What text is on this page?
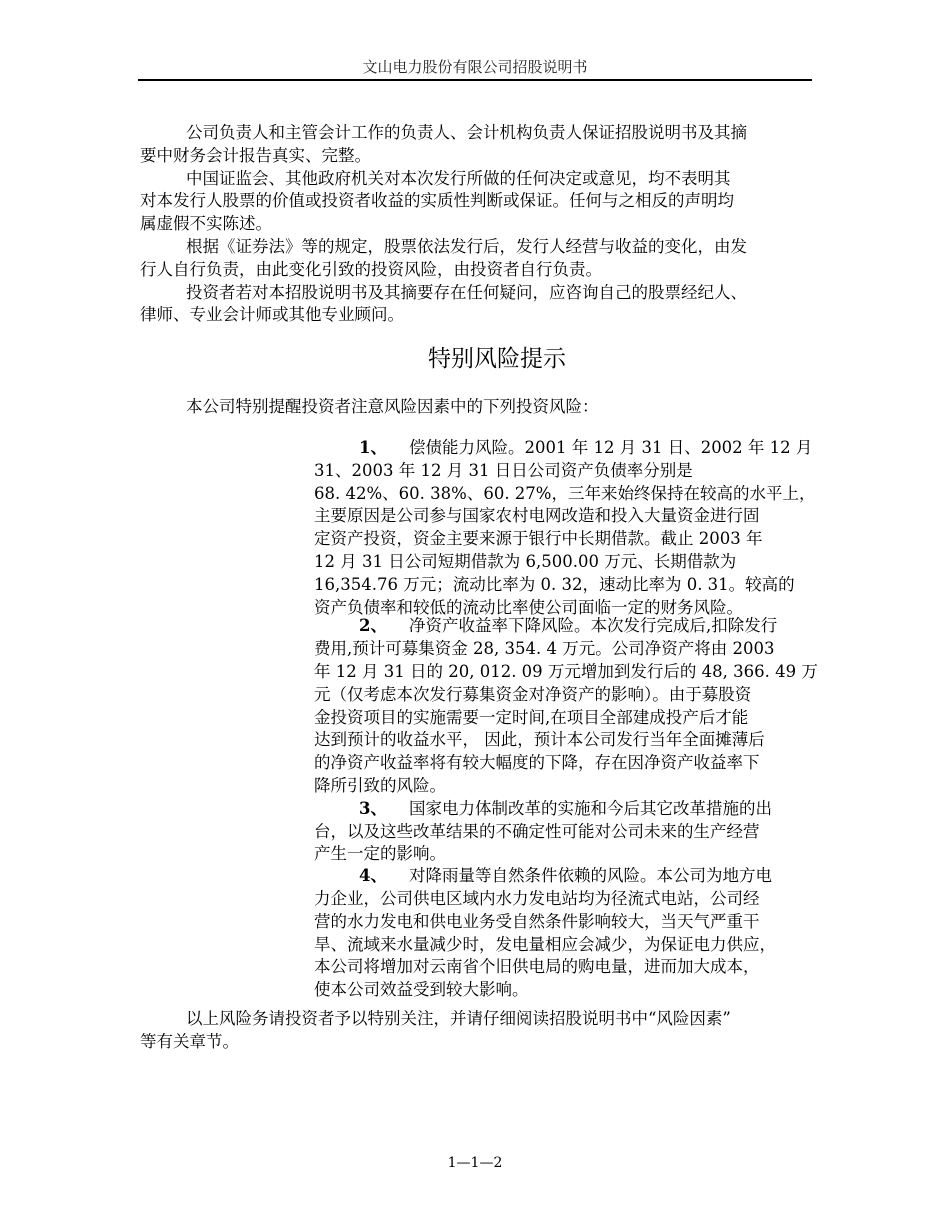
文山电力股份有限公司招股说明书
公司负责人和主管会计工作的负责人、会计机构负责人保证招股说明书及其摘
要中财务会计报告真实、完整。
中国证监会、其他政府机关对本次发行所做的任何决定或意见，均不表明其
对本发行人股票的价值或投资者收益的实质性判断或保证。任何与之相反的声明均
属虚假不实陈述。
根据《证券法》等的规定，股票依法发行后，发行人经营与收益的变化，由发
行人自行负责，由此变化引致的投资风险，由投资者自行负责。
投资者若对本招股说明书及其摘要存在任何疑问，应咨询自己的股票经纪人、
律师、专业会计师或其他专业顾问。
特别风险提示
本公司特别提醒投资者注意风险因素中的下列投资风险：
1、 偿债能力风险。2001 年 12 月 31 日、2002 年 12 月
31、2003 年 12 月 31 日日公司资产负债率分别是
68. 42%、60. 38%、60. 27%，三年来始终保持在较高的水平上，
主要原因是公司参与国家农村电网改造和投入大量资金进行固
定资产投资，资金主要来源于银行中长期借款。截止 2003 年
12 月 31 日公司短期借款为 6,500.00 万元、长期借款为
16,354.76 万元；流动比率为 0. 32，速动比率为 0. 31。较高的
资产负债率和较低的流动比率使公司面临一定的财务风险。
2、 净资产收益率下降风险。本次发行完成后,扣除发行
费用,预计可募集资金 28, 354. 4 万元。公司净资产将由 2003
年 12 月 31 日的 20, 012. 09 万元增加到发行后的 48, 366. 49 万
元（仅考虑本次发行募集资金对净资产的影响）。由于募股资
金投资项目的实施需要一定时间,在项目全部建成投产后才能
达到预计的收益水平， 因此，预计本公司发行当年全面摊薄后
的净资产收益率将有较大幅度的下降，存在因净资产收益率下
降所引致的风险。
3、 国家电力体制改革的实施和今后其它改革措施的出
台，以及这些改革结果的不确定性可能对公司未来的生产经营
产生一定的影响。
4、 对降雨量等自然条件依赖的风险。本公司为地方电
力企业，公司供电区域内水力发电站均为径流式电站，公司经
营的水力发电和供电业务受自然条件影响较大，当天气严重干
旱、流域来水量减少时，发电量相应会减少，为保证电力供应，
本公司将增加对云南省个旧供电局的购电量，进而加大成本，
使本公司效益受到较大影响。
以上风险务请投资者予以特别关注，并请仔细阅读招股说明书中“风险因素”
等有关章节。
1—1—2
